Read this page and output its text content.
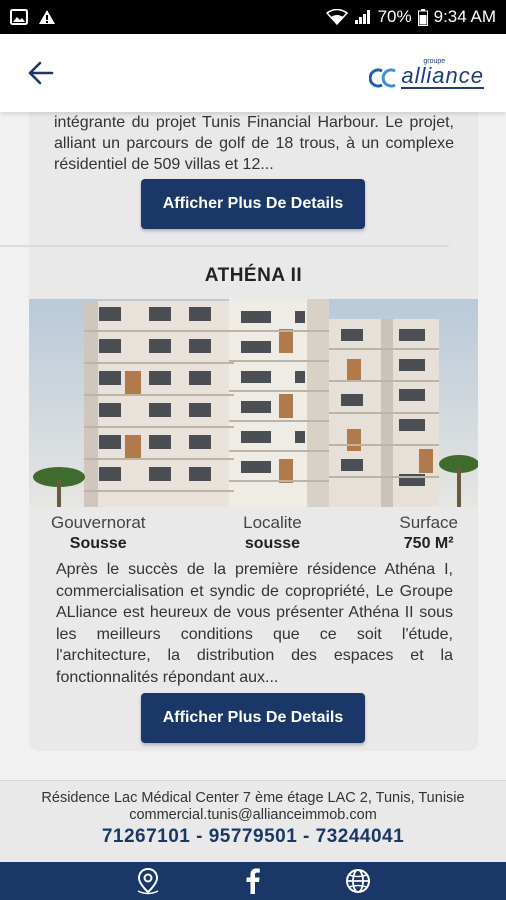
70% 9:34 AM
groupe
alliance

intégrante du projet Tunis Financial Harbour. Le projet, alliant un parcours de golf de 18 trous, à un complexe résidentiel de 509 villas et 12...

Afficher Plus De Details
ATHÉNA II
Gouvernorat
Sousse
Localite
sousse
Surface
750 M²

Après le succès de la première résidence Athéna I, commercialisation et syndic de copropriété, Le Groupe ALliance est heureux de vous présenter Athéna II sous les meilleurs conditions que ce soit l'étude, l'architecture, la distribution des espaces et la fonctionnalités répondant aux...

Afficher Plus De Details
Résidence Lac Médical Center 7 ème étage LAC 2, Tunis, Tunisie
commercial.tunis@allianceimmob.com
71267101 - 95779501 - 73244041
